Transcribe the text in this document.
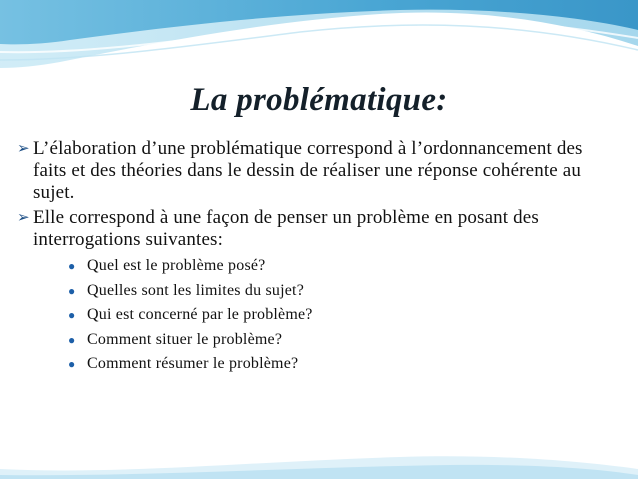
La problématique:
➢ L’élaboration d’une problématique correspond à l’ordonnancement des faits et des théories dans le dessin de réaliser une réponse cohérente au sujet.
➢ Elle correspond à une façon de penser un problème en posant des interrogations suivantes:
● Quel est le problème posé?
● Quelles sont les limites du sujet?
● Qui est concerné par le problème?
● Comment situer le problème?
● Comment résumer le problème?
